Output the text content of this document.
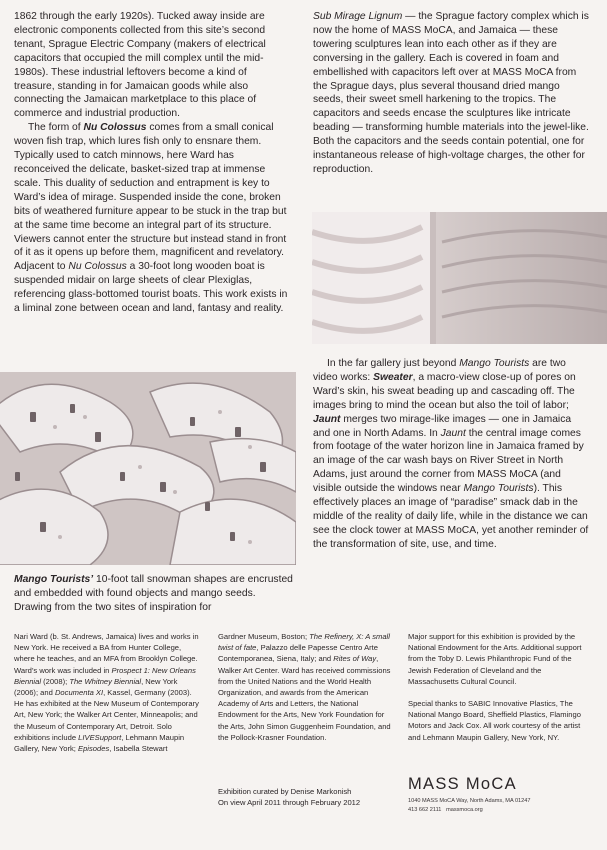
1862 through the early 1920s). Tucked away inside are electronic components collected from this site’s second tenant, Sprague Electric Company (makers of electrical capacitors that occupied the mill complex until the mid-1980s). These industrial leftovers become a kind of treasure, standing in for Jamaican goods while also connecting the Jamaican marketplace to this place of commerce and industrial production.

The form of Nu Colossus comes from a small conical woven fish trap, which lures fish only to ensnare them. Typically used to catch minnows, here Ward has reconceived the delicate, basket-sized trap at immense scale. This duality of seduction and entrapment is key to Ward’s idea of mirage. Suspended inside the cone, broken bits of weathered furniture appear to be stuck in the trap but at the same time become an integral part of its structure. Viewers cannot enter the structure but instead stand in front of it as it opens up before them, magnificent and revelatory. Adjacent to Nu Colossus a 30-foot long wooden boat is suspended midair on large sheets of clear Plexiglas, referencing glass-bottomed tourist boats. This work exists in a liminal zone between ocean and land, fantasy and reality.

Sub Mirage Lignum — the Sprague factory complex which is now the home of MASS MoCA, and Jamaica — these towering sculptures lean into each other as if they are conversing in the gallery. Each is covered in foam and embellished with capacitors left over at MASS MoCA from the Sprague days, plus several thousand dried mango seeds, their sweet smell harkening to the tropics. The capacitors and seeds encase the sculptures like intricate beading — transforming humble materials into the jewel-like. Both the capacitors and the seeds contain potential, one for instantaneous release of high-voltage charges, the other for reproduction.

In the far gallery just beyond Mango Tourists are two video works: Sweater, a macro-view close-up of pores on Ward’s skin, his sweat beading up and cascading off. The images bring to mind the ocean but also the toil of labor; Jaunt merges two mirage-like images — one in Jamaica and one in North Adams. In Jaunt the central image comes from footage of the water horizon line in Jamaica framed by an image of the car wash bays on River Street in North Adams, just around the corner from MASS MoCA (and visible outside the windows near Mango Tourists). This effectively places an image of “paradise” smack dab in the middle of the reality of daily life, while in the distance we can see the clock tower at MASS MoCA, yet another reminder of the transformation of site, use, and time.

Mango Tourists’ 10-foot tall snowman shapes are encrusted and embedded with found objects and mango seeds. Drawing from the two sites of inspiration for
Nari Ward (b. St. Andrews, Jamaica) lives and works in New York. He received a BA from Hunter College, where he teaches, and an MFA from Brooklyn College. Ward’s work was included in Prospect 1: New Orleans Biennial (2008); The Whitney Biennial, New York (2006); and Documenta XI, Kassel, Germany (2003). He has exhibited at the New Museum of Contemporary Art, New York; the Walker Art Center, Minneapolis; and the Museum of Contemporary Art, Detroit. Solo exhibitions include LIVESupport, Lehmann Maupin Gallery, New York; Episodes, Isabella Stewart
Gardner Museum, Boston; The Refinery, X: A small twist of fate, Palazzo delle Papesse Centro Arte Contemporanea, Siena, Italy; and Rites of Way, Walker Art Center. Ward has received commissions from the United Nations and the World Health Organization, and awards from the American Academy of Arts and Letters, the National Endowment for the Arts, New York Foundation for the Arts, John Simon Guggenheim Foundation, and the Pollock-Krasner Foundation.
Exhibition curated by Denise Markonish
On view April 2011 through February 2012
Major support for this exhibition is provided by the National Endowment for the Arts. Additional support from the Toby D. Lewis Philanthropic Fund of the Jewish Federation of Cleveland and the Massachusetts Cultural Council.
Special thanks to SABIC Innovative Plastics, The National Mango Board, Sheffield Plastics, Flamingo Motors and Jack Cox. All work courtesy of the artist and Lehmann Maupin Gallery, New York, NY.
MASS MoCA
1040 MASS MoCA Way, North Adams, MA 01247
413 662 2111 massmoca.org
